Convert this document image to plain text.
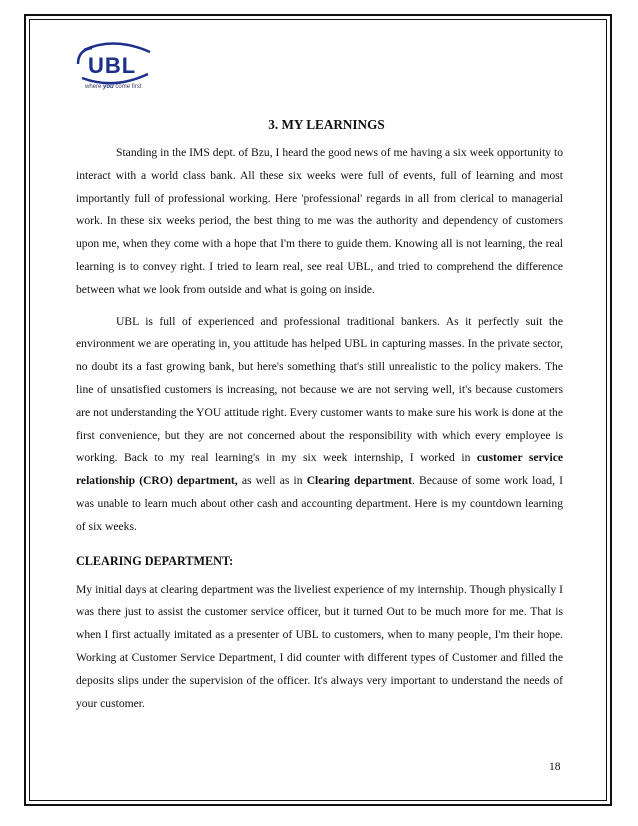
UBL
where you come first
3. MY LEARNINGS

Standing in the IMS dept. of Bzu, I heard the good news of me having a six week opportunity to interact with a world class bank. All these six weeks were full of events, full of learning and most importantly full of professional working. Here 'professional' regards in all from clerical to managerial work. In these six weeks period, the best thing to me was the authority and dependency of customers upon me, when they come with a hope that I'm there to guide them. Knowing all is not learning, the real learning is to convey right. I tried to learn real, see real UBL, and tried to comprehend the difference between what we look from outside and what is going on inside.

UBL is full of experienced and professional traditional bankers. As it perfectly suit the environment we are operating in, you attitude has helped UBL in capturing masses. In the private sector, no doubt its a fast growing bank, but here's something that's still unrealistic to the policy makers. The line of unsatisfied customers is increasing, not because we are not serving well, it's because customers are not understanding the YOU attitude right. Every customer wants to make sure his work is done at the first convenience, but they are not concerned about the responsibility with which every employee is working. Back to my real learning's in my six week internship, I worked in customer service relationship (CRO) department, as well as in Clearing department. Because of some work load, I was unable to learn much about other cash and accounting department. Here is my countdown learning of six weeks.

CLEARING DEPARTMENT:

My initial days at clearing department was the liveliest experience of my internship. Though physically I was there just to assist the customer service officer, but it turned Out to be much more for me. That is when I first actually imitated as a presenter of UBL to customers, when to many people, I'm their hope. Working at Customer Service Department, I did counter with different types of Customer and filled the deposits slips under the supervision of the officer. It's always very important to understand the needs of your customer.

18
